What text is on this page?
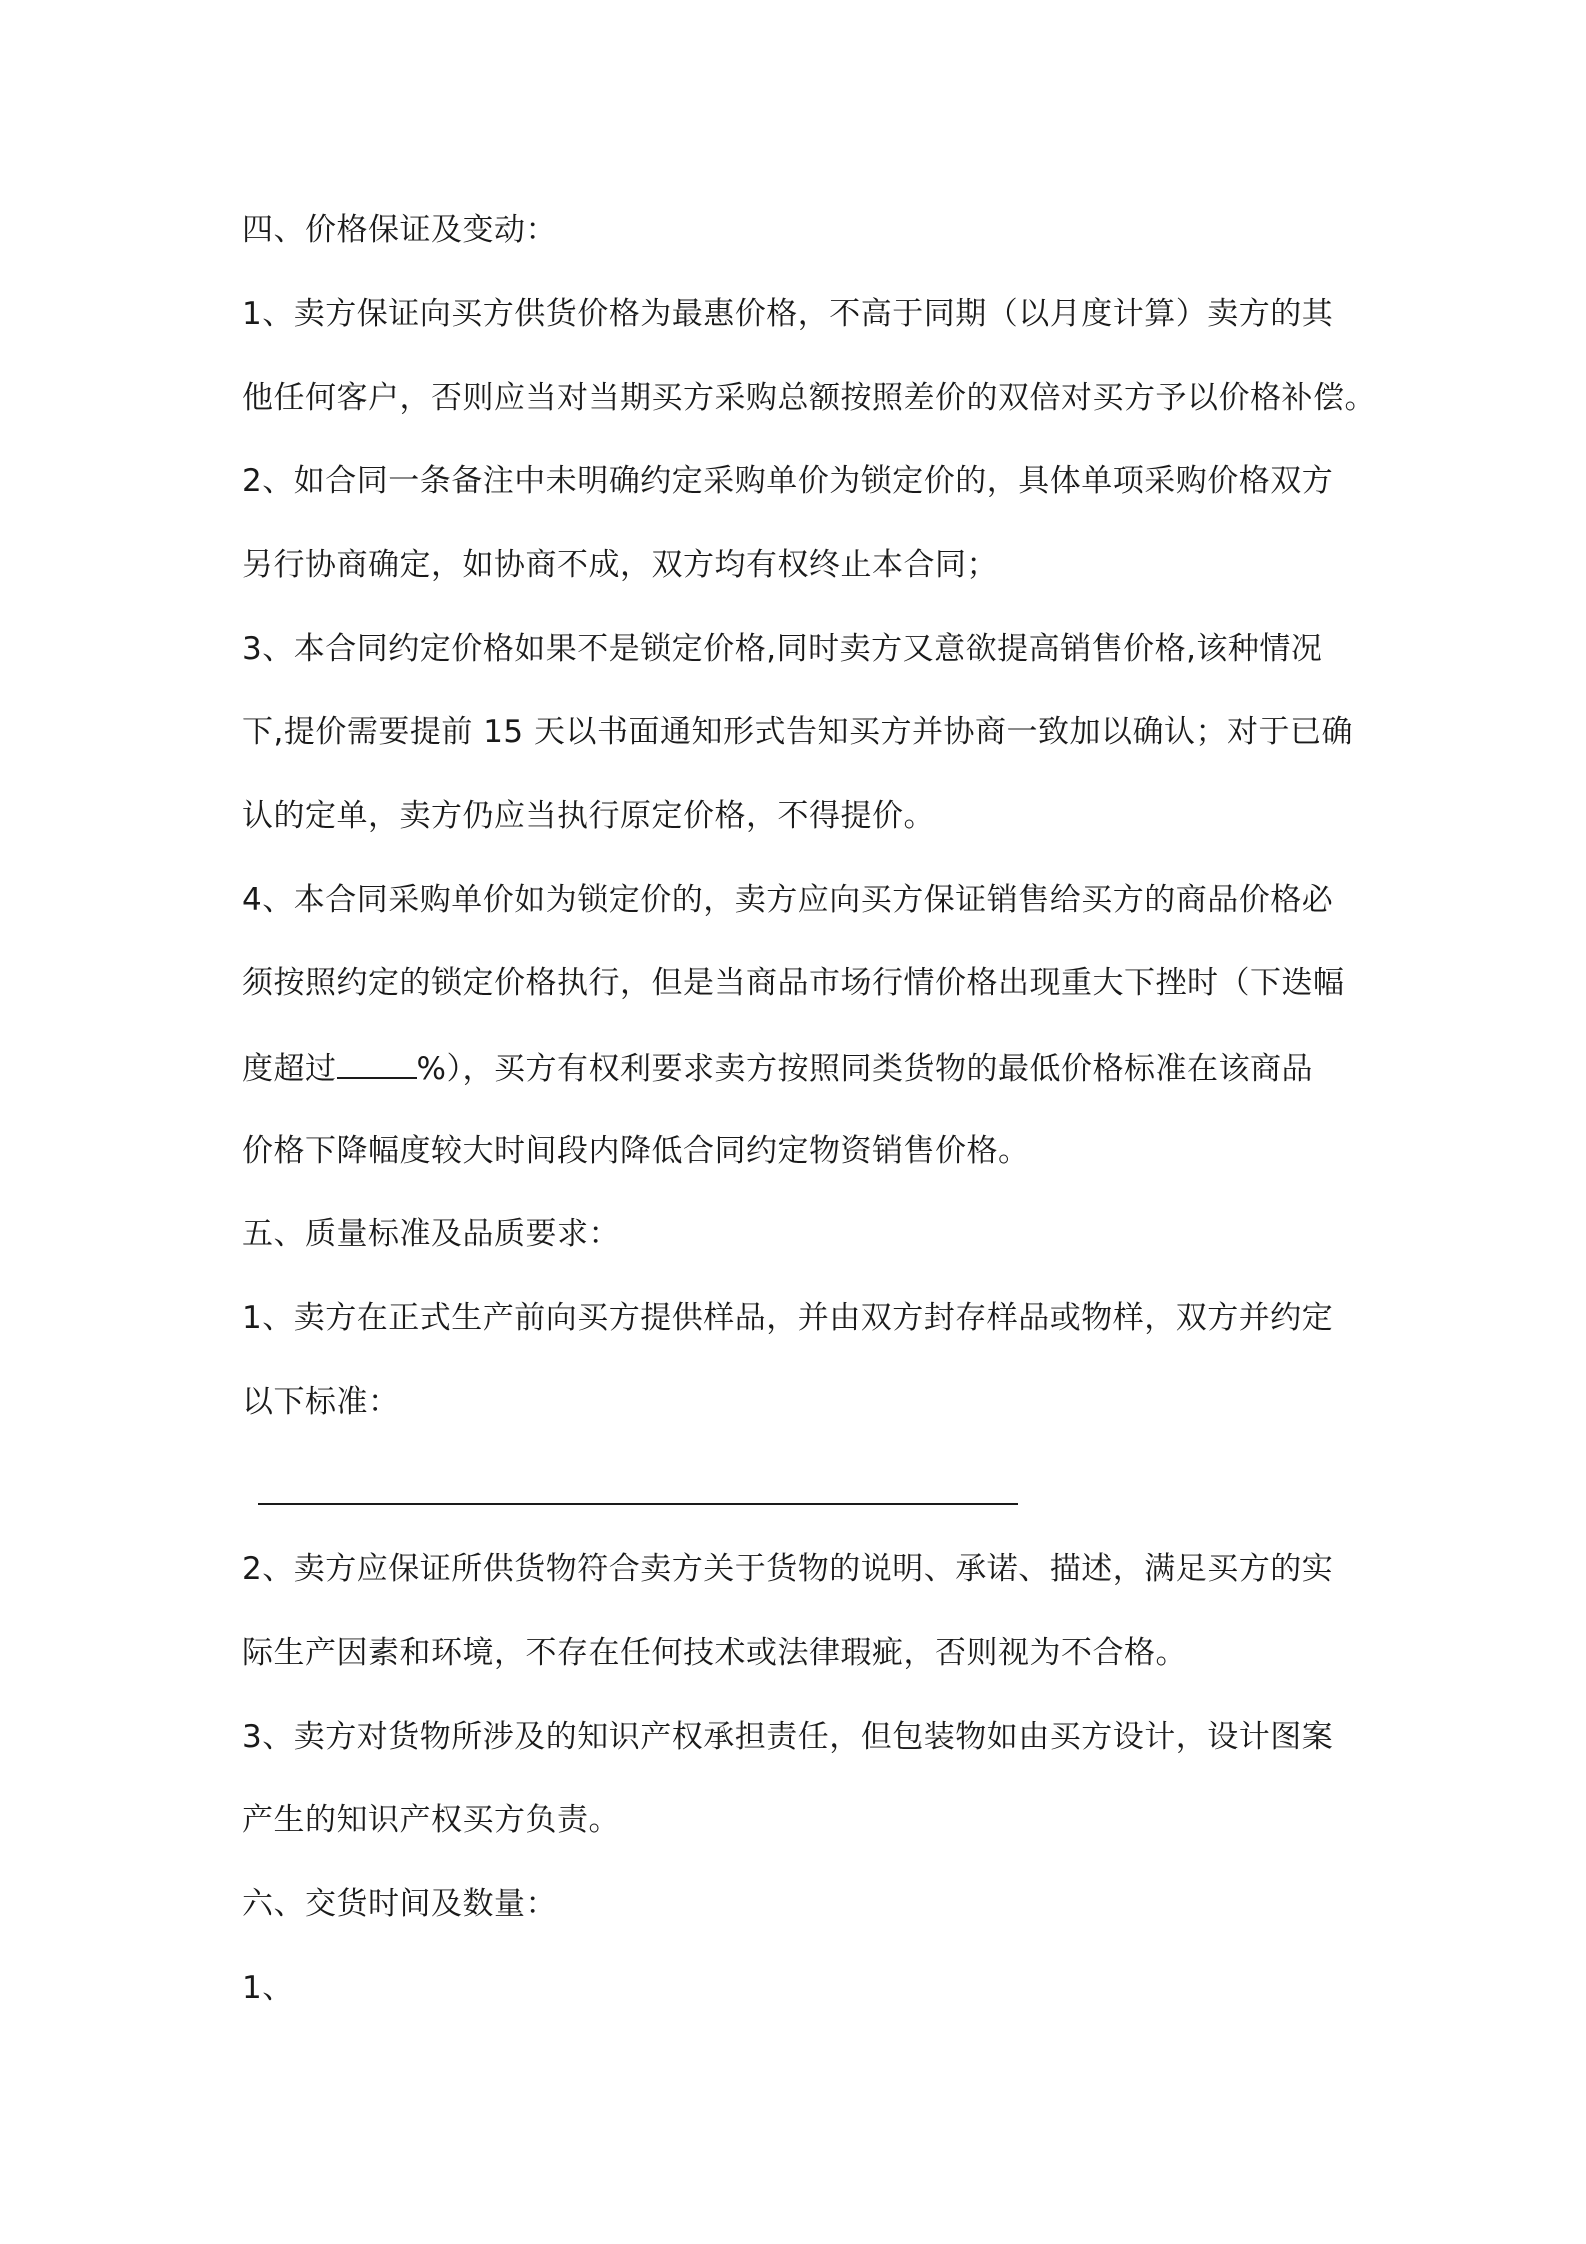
四、价格保证及变动：
1、卖方保证向买方供货价格为最惠价格，不高于同期（以月度计算）卖方的其
他任何客户，否则应当对当期买方采购总额按照差价的双倍对买方予以价格补偿。
2、如合同一条备注中未明确约定采购单价为锁定价的，具体单项采购价格双方
另行协商确定，如协商不成，双方均有权终止本合同；
3、本合同约定价格如果不是锁定价格,同时卖方又意欲提高销售价格,该种情况
下,提价需要提前 15 天以书面通知形式告知买方并协商一致加以确认；对于已确
认的定单，卖方仍应当执行原定价格，不得提价。
4、本合同采购单价如为锁定价的，卖方应向买方保证销售给买方的商品价格必
须按照约定的锁定价格执行，但是当商品市场行情价格出现重大下挫时（下迭幅
度超过	%），买方有权利要求卖方按照同类货物的最低价格标准在该商品
价格下降幅度较大时间段内降低合同约定物资销售价格。
五、质量标准及品质要求：
1、卖方在正式生产前向买方提供样品，并由双方封存样品或物样，双方并约定
以下标准：
2、卖方应保证所供货物符合卖方关于货物的说明、承诺、描述，满足买方的实
际生产因素和环境，不存在任何技术或法律瑕疵，否则视为不合格。
3、卖方对货物所涉及的知识产权承担责任，但包装物如由买方设计，设计图案
产生的知识产权买方负责。
六、交货时间及数量：
1、
